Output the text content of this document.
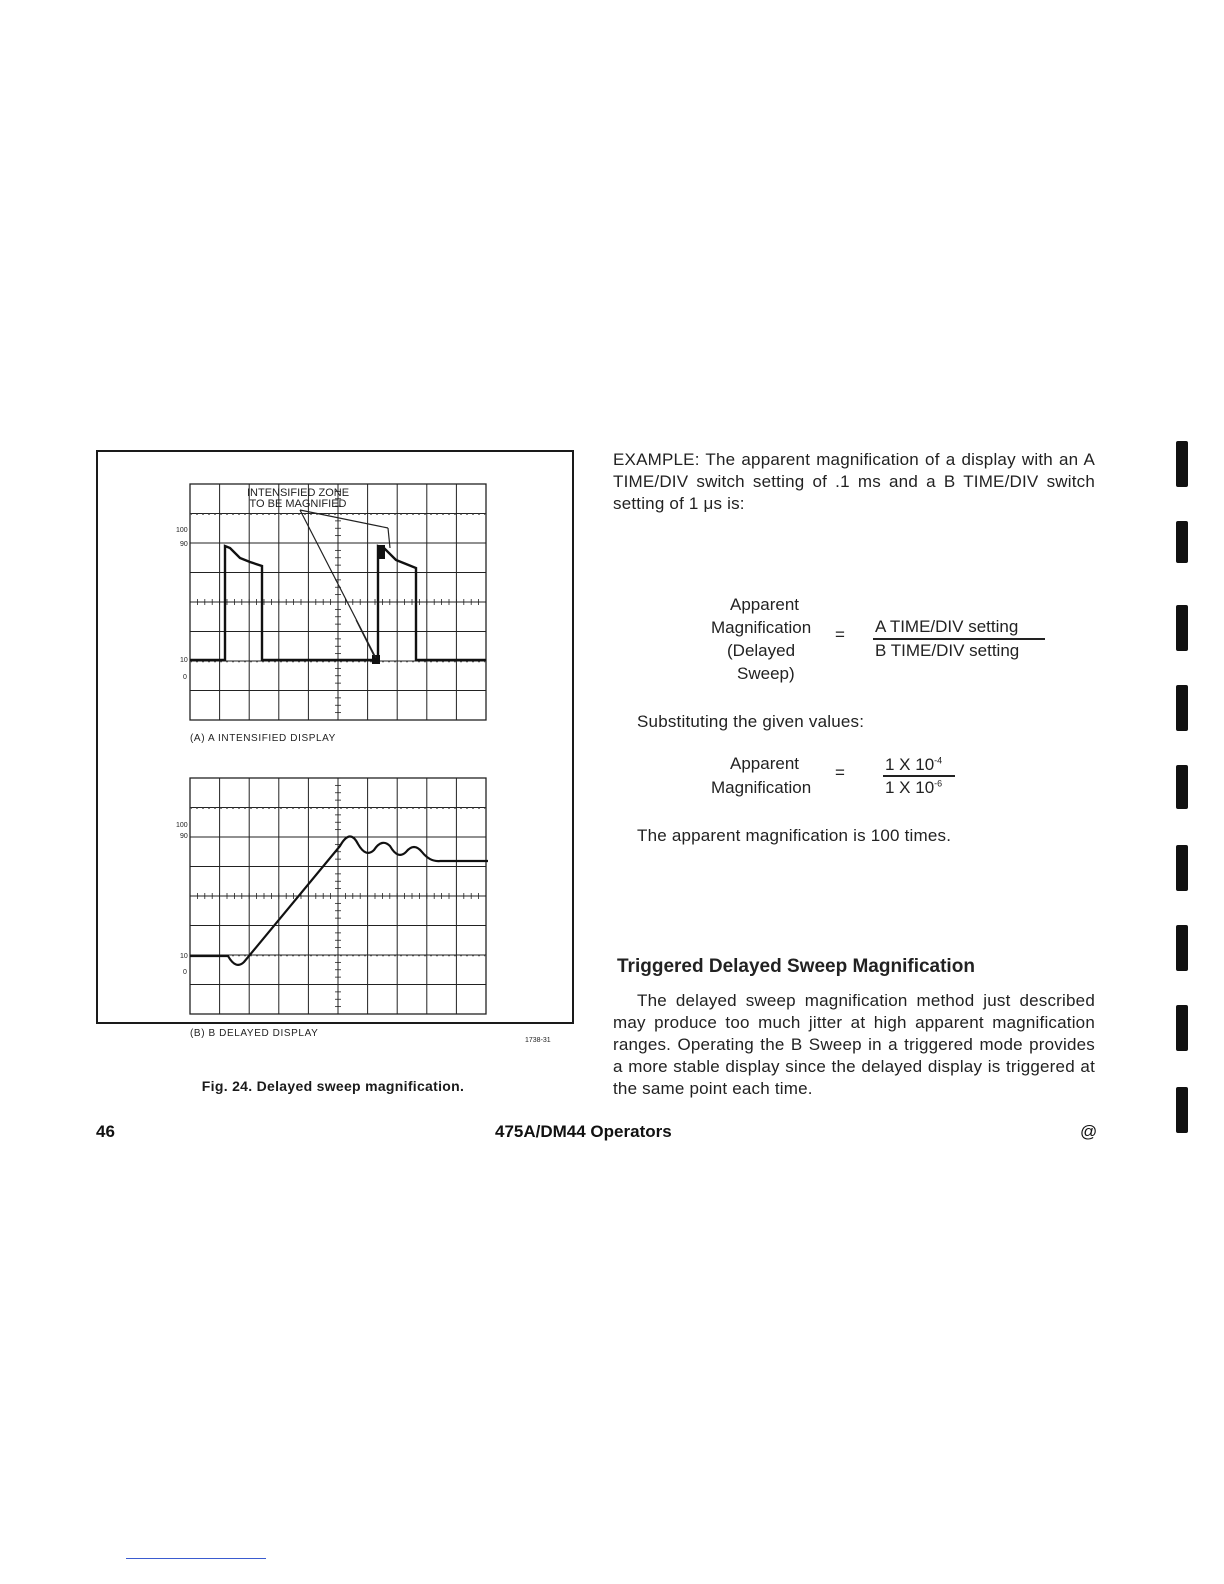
INTENSIFIED ZONE
TO BE MAGNIFIED
100
90
10
0
100
90
10
0
(A) A INTENSIFIED DISPLAY
(B) B DELAYED DISPLAY
1738-31
Fig. 24. Delayed sweep magnification.
EXAMPLE: The apparent magnification of a display with an A TIME/DIV switch setting of .1 ms and a B TIME/DIV switch setting of 1 μs is:
Apparent
Magnification
(Delayed
Sweep)
= A TIME/DIV setting
B TIME/DIV setting
Substituting the given values:
Apparent
Magnification
= 1 X $10^{-4}$
1 X $10^{-6}$
The apparent magnification is 100 times.
Triggered Delayed Sweep Magnification
The delayed sweep magnification method just described may produce too much jitter at high apparent magnification ranges. Operating the B Sweep in a triggered mode provides a more stable display since the delayed display is triggered at the same point each time.
46	475A/DM44 Operators	@
